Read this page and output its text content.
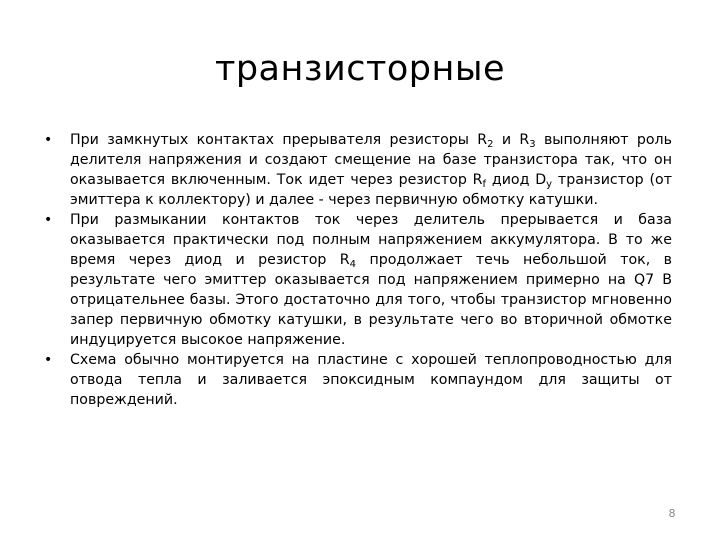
транзисторные
• При замкнутых контактах прерывателя резисторы $R_2$ и $R_3$ выполняют роль делителя напряжения и создают смещение на базе транзистора так, что он оказывается включенным. Ток идет через резистор $R_f$ диод $D_y$ транзистор (от эмиттера к коллектору) и далее - через первичную обмотку катушки.
• При размыкании контактов ток через делитель прерывается и база оказывается практически под полным напряжением аккумулятора. В то же время через диод и резистор $R_4$ продолжает течь небольшой ток, в результате чего эмиттер оказывается под напряжением примерно на Q7 В отрицательнее базы. Этого достаточно для того, чтобы транзистор мгновенно запер первичную обмотку катушки, в результате чего во вторичной обмотке индуцируется высокое напряжение.
• Схема обычно монтируется на пластине с хорошей теплопроводностью для отвода тепла и заливается эпоксидным компаундом для защиты от повреждений.
8
